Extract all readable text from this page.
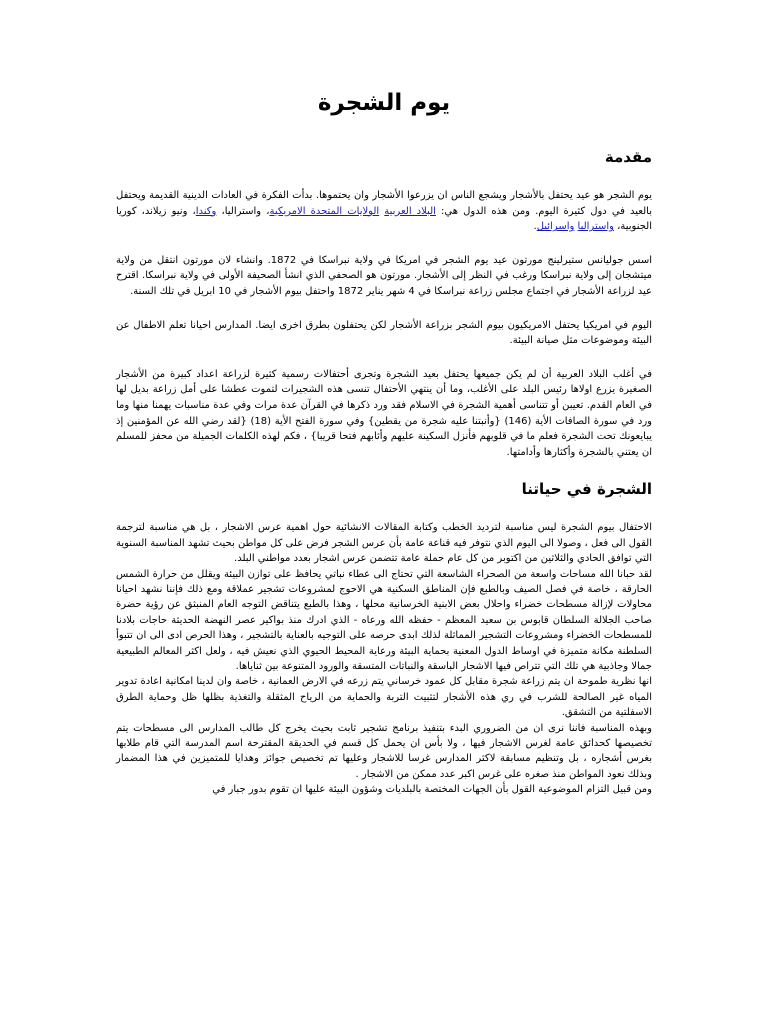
يوم الشجرة
مقدمة

يوم الشجر هو عيد يحتفل بالأشجار ويشجع الناس ان يزرعوا الأشجار وان يحتموها. بدأت الفكرة في العادات الدينية القديمة ويحتفل بالعيد في دول كثيرة اليوم. ومن هذه الدول هي: البلاد العربية الولايات المتحدة الامريكية، واستراليا، وكندا، ونيو زيلاند، كوريا الجنوبية، واستراليا واسرائيل.

اسس جوليانس ستيرلينج مورتون عيد يوم الشجر في امريكا في ولاية نبراسكا في 1872. وانشاء لان مورتون انتقل من ولاية ميتشجان إلى ولاية نبراسكا ورغب في النظر إلى الأشجار. مورتون هو الصحفي الذي انشأ الصحيفة الأولى في ولاية نبراسكا. اقترح عيد لزراعة الأشجار في اجتماع مجلس زراعة نبراسكا في 4 شهر يناير 1872 واحتفل بيوم الأشجار في 10 ابريل في تلك السنة.

اليوم في امريكيا يحتفل الامريكيون بيوم الشجر بزراعة الأشجار لكن يحتفلون بطرق اخرى ايضا. المدارس احيانا تعلم الاطفال عن البيئة وموضوعات مثل صيانة البيئة.

في أغلب البلاد العربية أن لم يكن جميعها يحتفل بعيد الشجرة وتجرى أحتفالات رسمية كثيرة لزراعة اعداد كبيرة من الأشجار الصغيرة يزرع اولاها رئيس البلد على الأغلب، وما أن ينتهي الأحتفال تنسى هذه الشجيرات لتموت عطشا على أمل زراعة بديل لها في العام القدم. تعيبن أو تتناسى أهمية الشجرة في الاسلام فقد ورد ذكرها في القرآن عدة مرات وفي عدة مناسبات يهمنا منها وما ورد في سورة الصافات الأية (146) {وأنبتنا عليه شجرة من يقطين} وفي سورة الفتح الأية (18) {لقد رضي الله عن المؤمنين إذ يبايعونك تحت الشجرة فعلم ما في قلوبهم فأنزل السكينة عليهم وأثابهم فتحا قريبا} ، فكم لهذه الكلمات الجميلة من محفز للمسلم ان يعتني بالشجرة وأكثارها وأدامتها.

الشجرة في حياتنا

الاحتفال بيوم الشجرة ليس مناسبة لترديد الخطب وكتابة المقالات الانشائية حول اهمية عرس الاشجار ، بل هي مناسبة لترجمة القول الى فعل ، وصولا الى اليوم الذي نتوفر فيه قناعة عامة بأن عرس الشجر فرض على كل مواطن بحيث تشهد المناسبة السنوية التي توافق الحادي والثلاثين من اكتوبر من كل عام حملة عامة تتضمن عرس اشجار بعدد مواطني البلد.

لقد حبانا الله مساحات واسعة من الصحراء الشاسعة التي تحتاج الى عطاء نباتي يحافظ على توازن البيئة ويقلل من حرارة الشمس الحارقة ، خاصة في فصل الصيف وبالطبع فإن المناطق السكنية هي الاحوج لمشروعات تشجير عملاقة ومع ذلك فإننا نشهد احيانا محاولات لإزالة مسطحات خضراء واحلال بعض الابنية الخرسانية محلها ، وهذا بالطبع يتناقض التوجه العام المنبثق عن رؤية حضرة صاحب الجلالة السلطان قابوس بن سعيد المعظم - حفظه الله ورعاه - الذي ادرك منذ بواكير عصر النهضة الحديثة حاجات بلادنا للمسطحات الخضراء ومشروعات التشجير المماثلة لذلك ابدى حرصه على التوجيه بالعناية بالتشجير ، وهذا الحرص ادى الى ان تتبوأ السلطنة مكانة متميزة في اوساط الدول المعنية بحماية البيئة ورعاية المحيط الحيوي الذي نعيش فيه ، ولعل اكثر المعالم الطبيعية جمالا وجاذبية هي تلك التي تتراص فيها الاشجار الباسقة والنباتات المتسقة والورود المتنوعة بين ثناياها.

انها نظرية طموحة ان يتم زراعة شجرة مقابل كل عمود خرساني يتم زرعه في الارض العمانية ، خاصة وان لدينا امكانية اعادة تدوير المياه غير الصالحة للشرب في ري هذه الأشجار لتثبيت التربة والحماية من الرياح المثقلة والتغذية بظلها ظل وحماية الطرق الاسفلتية من التشقق.

وبهذه المناسبة فاننا نرى ان من الضروري البدء بتنفيذ برنامج تشجير ثابت بحيث يخرج كل طالب المدارس الى مسطحات يتم تخصيصها كحدائق عامة لغرس الاشجار فيها ، ولا بأس ان يحمل كل قسم في الحديقة المقترحة اسم المدرسة التي قام طلابها بغرس أشجاره ، بل وتنظيم مسابقة لاكثر المدارس غرسا للاشجار وعليها تم تخصيص جوائز وهدايا للمتميزين في هذا المضمار وبذلك نعود المواطن منذ صغره على غرس اكبر عدد ممكن من الاشجار .

ومن قبيل التزام الموضوعية القول بأن الجهات المختصة بالبلديات وشؤون البيئة عليها ان تقوم بدور جبار في
